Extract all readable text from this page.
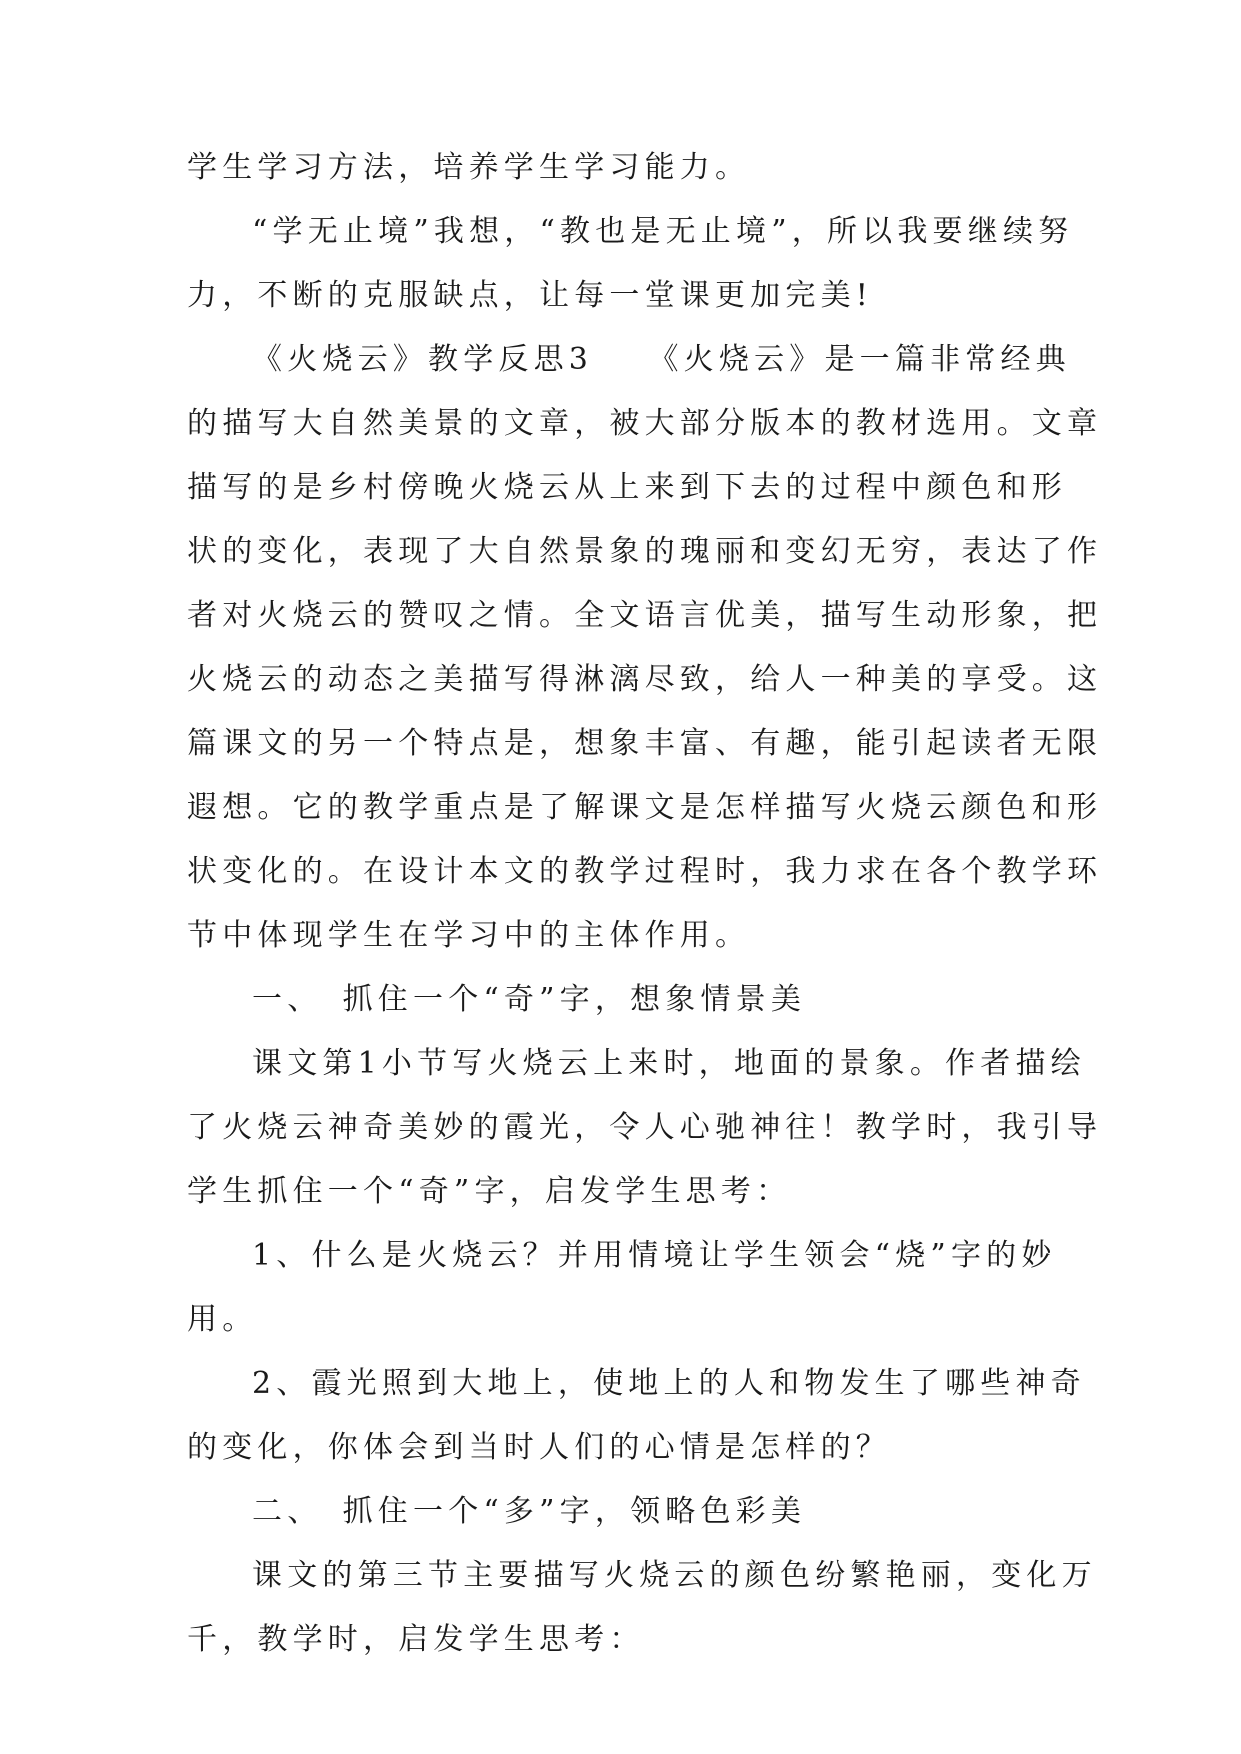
学生学习方法，培养学生学习能力。
“学无止境”我想，“教也是无止境”，所以我要继续努
力，不断的克服缺点，让每一堂课更加完美!
《火烧云》教学反思3　　《火烧云》是一篇非常经典
的描写大自然美景的文章，被大部分版本的教材选用。文章
描写的是乡村傍晚火烧云从上来到下去的过程中颜色和形
状的变化，表现了大自然景象的瑰丽和变幻无穷，表达了作
者对火烧云的赞叹之情。全文语言优美，描写生动形象，把
火烧云的动态之美描写得淋漓尽致，给人一种美的享受。这
篇课文的另一个特点是，想象丰富、有趣，能引起读者无限
遐想。它的教学重点是了解课文是怎样描写火烧云颜色和形
状变化的。在设计本文的教学过程时，我力求在各个教学环
节中体现学生在学习中的主体作用。
一、　抓住一个“奇”字，想象情景美
课文第1小节写火烧云上来时，地面的景象。作者描绘
了火烧云神奇美妙的霞光，令人心驰神往！教学时，我引导
学生抓住一个“奇”字，启发学生思考：
1、什么是火烧云？并用情境让学生领会“烧”字的妙
用。
2、霞光照到大地上，使地上的人和物发生了哪些神奇
的变化，你体会到当时人们的心情是怎样的？
二、　抓住一个“多”字，领略色彩美
课文的第三节主要描写火烧云的颜色纷繁艳丽，变化万
千，教学时，启发学生思考：
